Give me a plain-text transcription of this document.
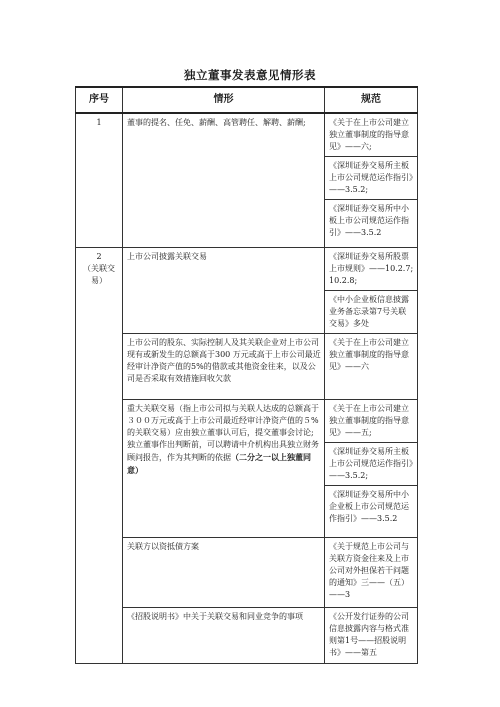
独立董事发表意见情形表
序号	情形	规范

1	董事的提名、任免、薪酬、高管聘任、解聘、薪酬;	《关于在上市公司建立独立董事制度的指导意见》——六;
		《深圳证券交易所主板上市公司规范运作指引》——3.5.2;
		《深圳证券交易所中小板上市公司规范运作指引》——3.5.2

2
（关联交易）	上市公司披露关联交易	《深圳证券交易所股票上市规则》——10.2.7; 10.2.8;
		《中小企业板信息披露业务备忘录第7号关联交易》多处
	上市公司的股东、实际控制人及其关联企业对上市公司现有或新发生的总额高于300 万元或高于上市公司最近经审计净资产值的5%的借款或其他资金往来，以及公司是否采取有效措施回收欠款	《关于在上市公司建立独立董事制度的指导意见》——六
	重大关联交易（指上市公司拟与关联人达成的总额高于３００万元或高于上市公司最近经审计净资产值的５%的关联交易）应由独立董事认可后，提交董事会讨论;独立董事作出判断前，可以聘请中介机构出具独立财务顾问报告，作为其判断的依据（二分之一以上独董同意）	《关于在上市公司建立独立董事制度的指导意见》——五;
		《深圳证券交易所主板上市公司规范运作指引》——3.5.2;
		《深圳证券交易所中小企业板上市公司规范运作指引》——3.5.2
	关联方以资抵债方案	《关于规范上市公司与关联方资金往来及上市公司对外担保若干问题的通知》三——（五）——3
	《招股说明书》中关于关联交易和同业竞争的事项	《公开发行证券的公司信息披露内容与格式准则第1号——招股说明书》——第五
